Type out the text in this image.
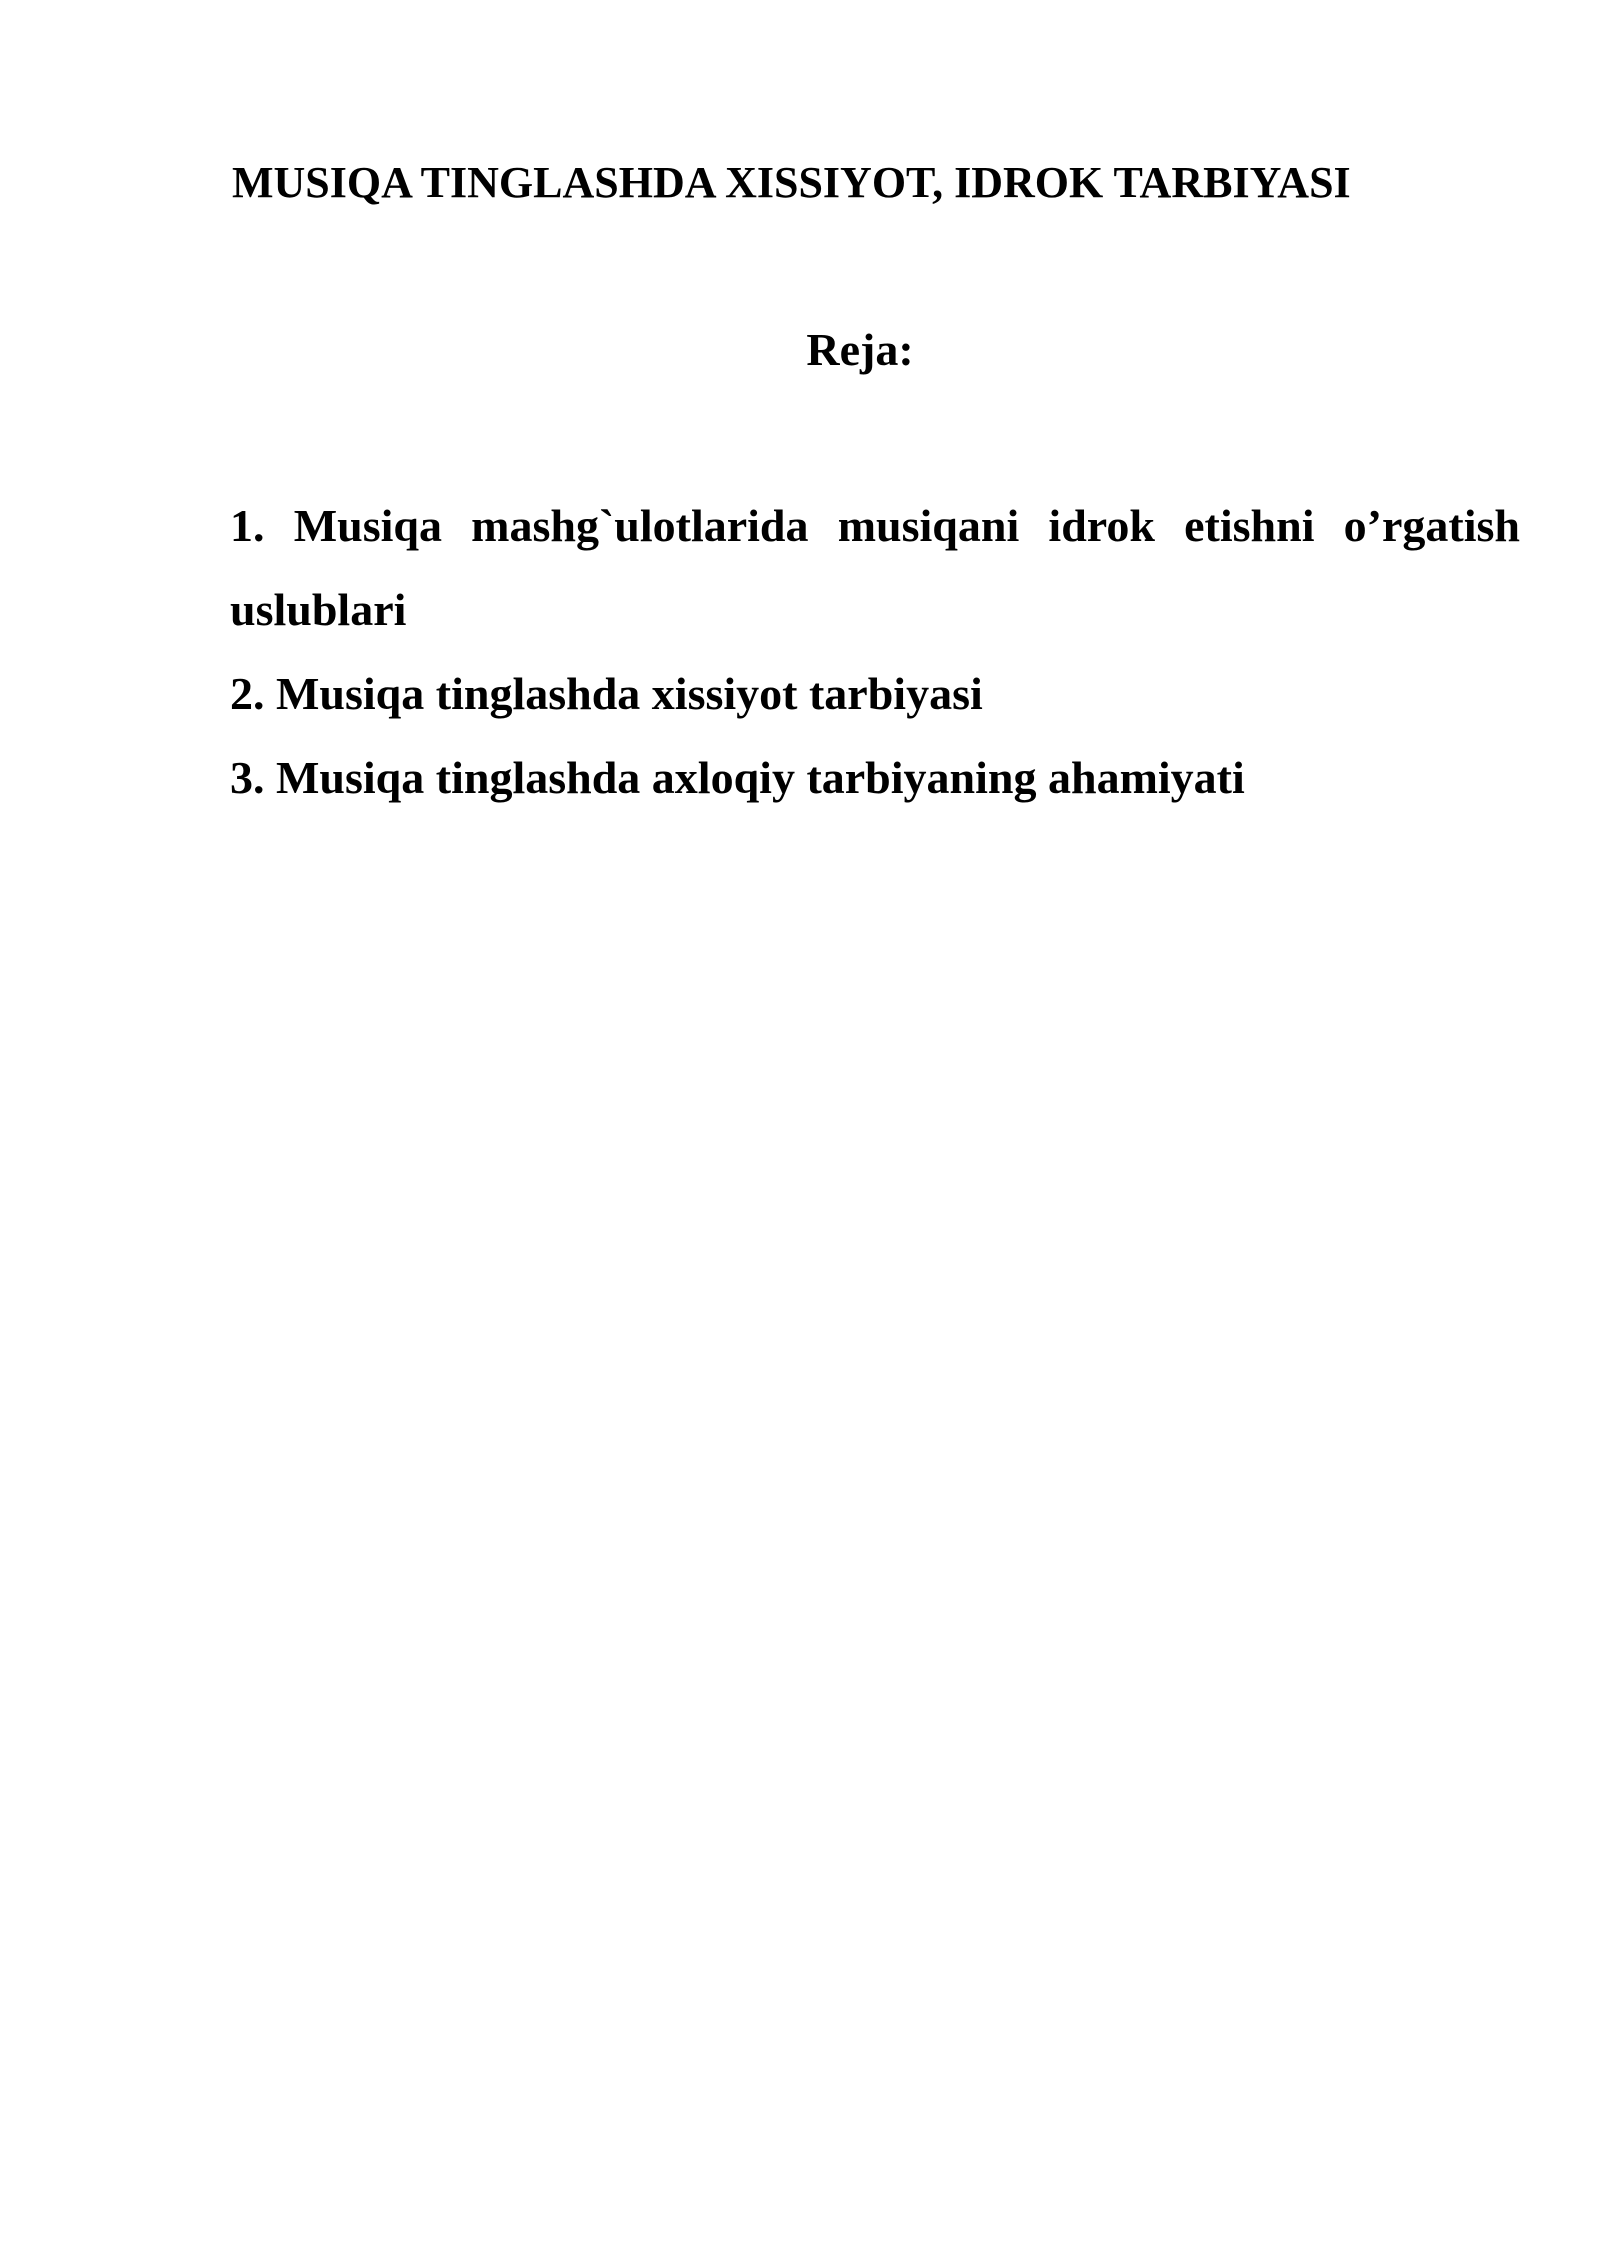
MUSIQA TINGLASHDA XISSIYOT, IDROK TARBIYASI
Reja:
1. Musiqa mashg`ulotlarida musiqani idrok etishni o’rgatish uslublari
2. Musiqa tinglashda xissiyot tarbiyasi
3. Musiqa tinglashda axloqiy tarbiyaning ahamiyati
